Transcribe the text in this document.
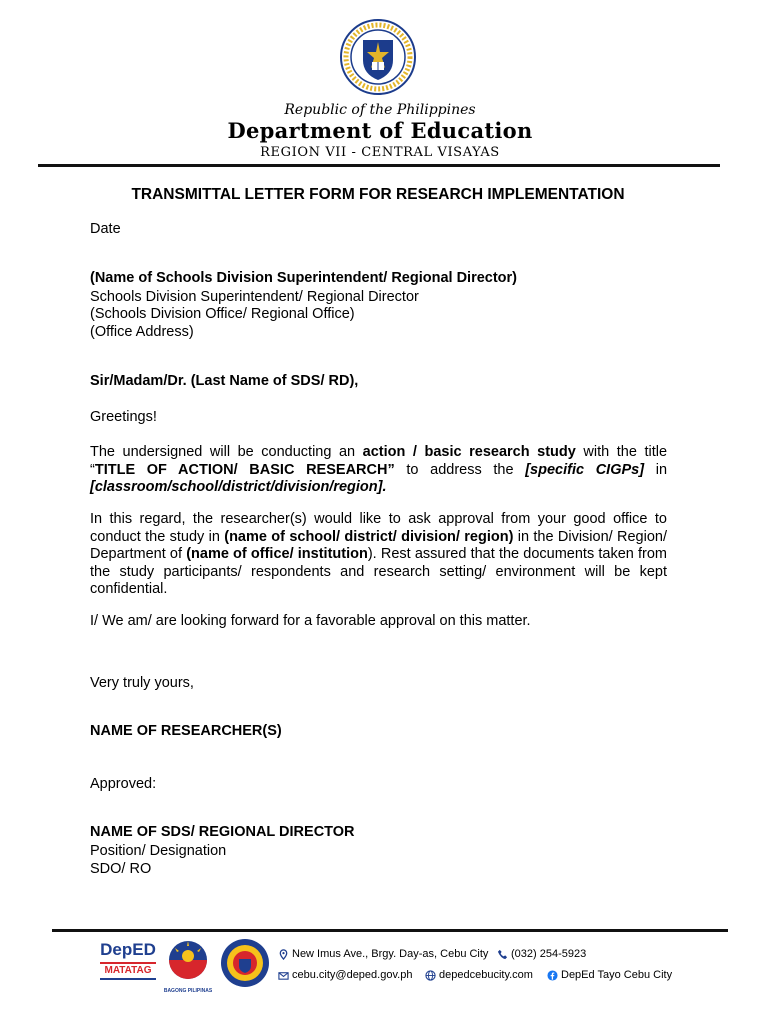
Republic of the Philippines
Department of Education
REGION VII - CENTRAL VISAYAS
TRANSMITTAL LETTER FORM FOR RESEARCH IMPLEMENTATION

Date

(Name of Schools Division Superintendent/ Regional Director)

Schools Division Superintendent/ Regional Director

(Schools Division Office/ Regional Office)

(Office Address)

Sir/Madam/Dr. (Last Name of SDS/ RD),

Greetings!

The undersigned will be conducting an action / basic research study with the title “TITLE OF ACTION/ BASIC RESEARCH” to address the [specific CIGPs] in [classroom/school/district/division/region].

In this regard, the researcher(s) would like to ask approval from your good office to conduct the study in (name of school/ district/ division/ region) in the Division/ Region/ Department of (name of office/ institution). Rest assured that the documents taken from the study participants/ respondents and research setting/ environment will be kept confidential.

I/ We am/ are looking forward for a favorable approval on this matter.

Very truly yours,

NAME OF RESEARCHER(S)

Approved:

NAME OF SDS/ REGIONAL DIRECTOR

Position/ Designation

SDO/ RO

DepED
MATATAG
BAGONG PILIPINAS
New Imus Ave., Brgy. Day-as, Cebu City (032) 254-5923
cebu.city@deped.gov.ph depedcebucity.com	DepEd Tayo Cebu City
